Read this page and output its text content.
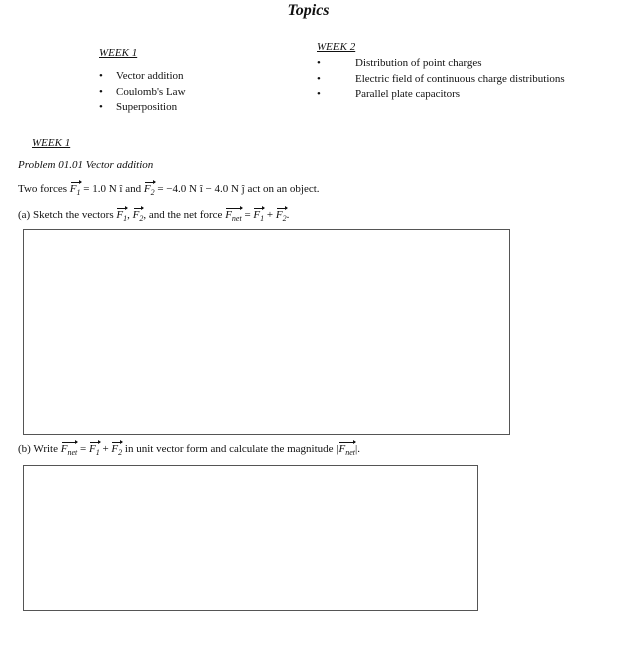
Topics
WEEK 1
• Vector addition
• Coulomb's Law
• Superposition
WEEK 2
•	Distribution of point charges
•	Electric field of continuous charge distributions
•	Parallel plate capacitors
WEEK 1
Problem 01.01 Vector addition
Two forces $F_1 = 1.0$ N î and $F_2 = -4.0$ N î − 4.0 N ĵ act on an object.
(a) Sketch the vectors $F_1$, $F_2$, and the net force $F_{net} = F_1 + F_2$.
(b) Write $F_{net} = F_1 + F_2$ in unit vector form and calculate the magnitude $|F_{net}|$.
